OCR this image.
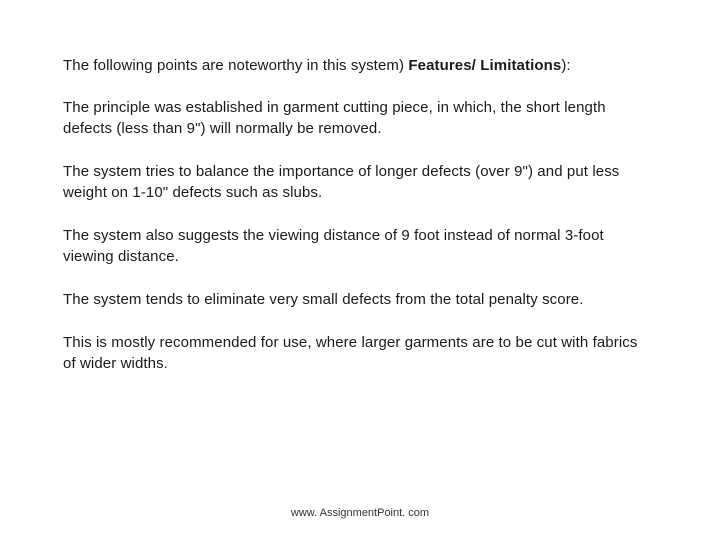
The following points are noteworthy in this system) Features/ Limitations):

The principle was established in garment cutting piece, in which, the short length defects (less than 9") will normally be removed.

The system tries to balance the importance of longer defects (over 9") and put less weight on 1-10" defects such as slubs.

The system also suggests the viewing distance of 9 foot instead of normal 3-foot viewing distance.

The system tends to eliminate very small defects from the total penalty score.

This is mostly recommended for use, where larger garments are to be cut with fabrics of wider widths.

www. AssignmentPoint. com
